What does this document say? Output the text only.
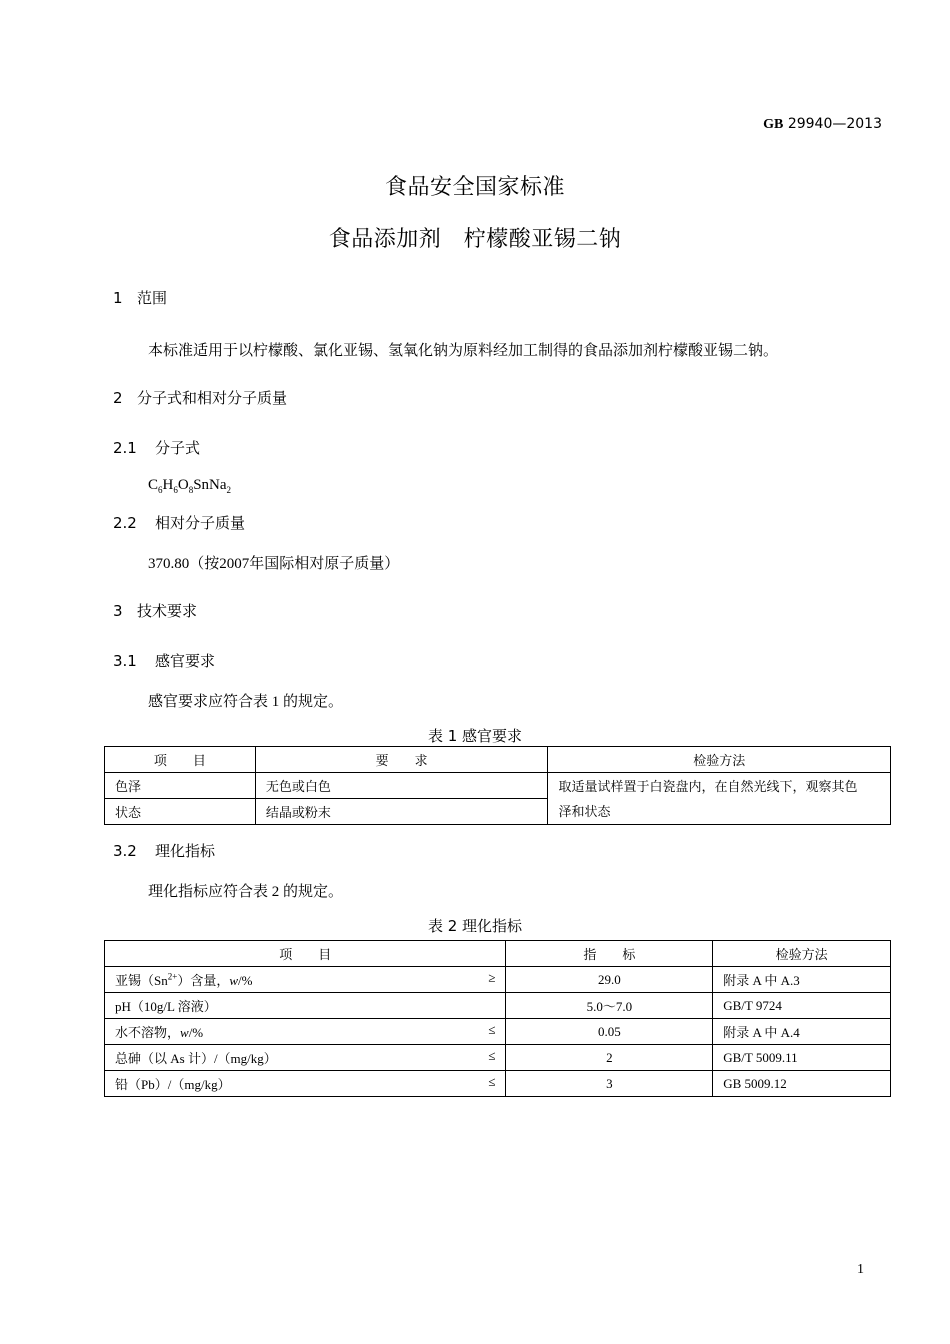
GB 29940—2013
食品安全国家标准
食品添加剂　柠檬酸亚锡二钠
1 范围
本标准适用于以柠檬酸、氯化亚锡、氢氧化钠为原料经加工制得的食品添加剂柠檬酸亚锡二钠。
2 分子式和相对分子质量
2.1 分子式
$C_6H_6O_8SnNa_2$
2.2 相对分子质量
370.80（按2007年国际相对原子质量）
3 技术要求
3.1 感官要求
感官要求应符合表 1 的规定。
表 1 感官要求
项　　目	要　　求	检验方法
色泽	无色或白色	取适量试样置于白瓷盘内，在自然光线下，观察其色
泽和状态
状态	结晶或粉末	
3.2 理化指标
理化指标应符合表 2 的规定。
表 2 理化指标
项　　目	指　　标	检验方法

亚锡$(Sn^{2+})$含量，w/% ≥	29.0	附录 A 中 A.3

pH（10g/L 溶液）	5.0～7.0	GB/T 9724

水不溶物，w/% ≤	0.05	附录 A 中 A.4

总砷（以 As 计）/（mg/kg） ≤	2	GB/T 5009.11

铅（Pb）/（mg/kg） ≤	3	GB 5009.12
1
